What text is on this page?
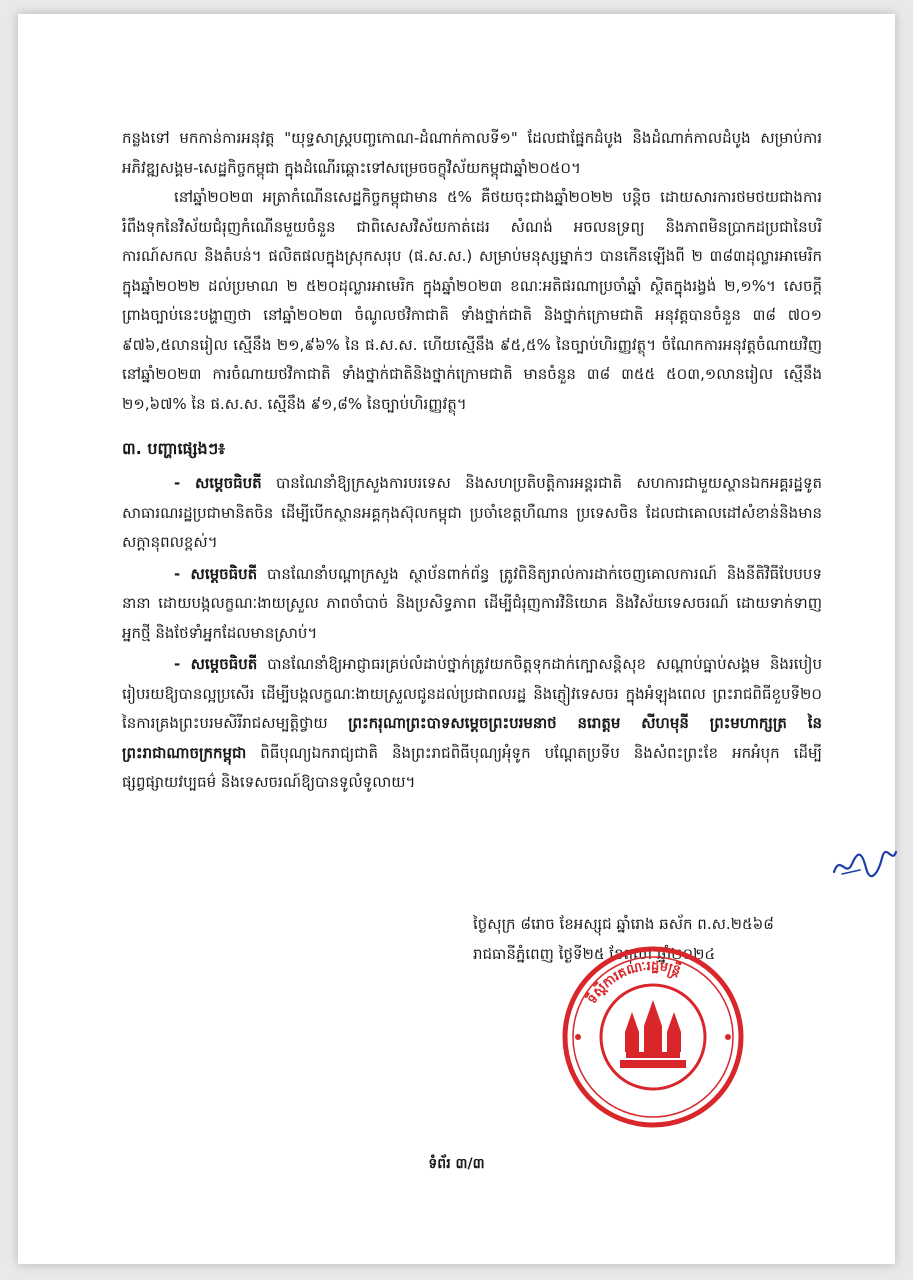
កន្លងទៅ មកកាន់ការអនុវត្ត "យុទ្ធសាស្ត្របញ្ចកោណ-ដំណាក់កាលទី១" ដែលជាផ្នែកដំបូង និងដំណាក់កាលដំបូង សម្រាប់ការអភិវឌ្ឍសង្គម-សេដ្ឋកិច្ចកម្ពុជា ក្នុងដំណើរឆ្ពោះទៅសម្រេចចក្ខុវិស័យកម្ពុជាឆ្នាំ២០៥០។

នៅឆ្នាំ២០២៣ អត្រាកំណើនសេដ្ឋកិច្ចកម្ពុជាមាន ៥% គឺថយចុះជាងឆ្នាំ២០២២ បន្តិច ដោយសារការថមថយជាងការរំពឹងទុកនៃវិស័យជំរុញកំណើនមួយចំនួន ជាពិសេសវិស័យកាត់ដេរ សំណង់ អចលនទ្រព្យ និងភាពមិនប្រាកដប្រជានៃបរិការណ៍សកល និងតំបន់។ ផលិតផលក្នុងស្រុកសរុប (ផ.ស.ស.) សម្រាប់មនុស្សម្នាក់ៗ បានកើនឡើងពី ២ ៣៨៣ដុល្លារអាមេរិក ក្នុងឆ្នាំ២០២២ ដល់ប្រមាណ ២ ៥២០ដុល្លារអាមេរិក ក្នុងឆ្នាំ២០២៣ ខណៈអតិផរណាប្រចាំឆ្នាំ ស្ថិតក្នុងរង្វង់ ២,១%។ សេចក្តីព្រាងច្បាប់នេះបង្ហាញថា នៅឆ្នាំ២០២៣ ចំណូលថវិកាជាតិ ទាំងថ្នាក់ជាតិ និងថ្នាក់ក្រោមជាតិ អនុវត្តបានចំនួន ៣៨ ៧០១ ៩៧៦,៥លានរៀល ស្មើនឹង ២១,៩៦% នៃ ផ.ស.ស. ហើយស្មើនឹង ៩៥,៥% នៃច្បាប់ហិរញ្ញវត្ថុ។ ចំណែកការអនុវត្តចំណាយវិញ នៅឆ្នាំ២០២៣ ការចំណាយថវិកាជាតិ ទាំងថ្នាក់ជាតិនិងថ្នាក់ក្រោមជាតិ មានចំនួន ៣៨ ៣៥៥ ៥០៣,១លានរៀល ស្មើនឹង ២១,៦៧% នៃ ផ.ស.ស. ស្មើនឹង ៩១,៨% នៃច្បាប់ហិរញ្ញវត្ថុ។

៣. បញ្ហាផ្សេងៗ៖

- សម្តេចធិបតី បានណែនាំឱ្យក្រសួងការបរទេស និងសហប្រតិបត្តិការអន្តរជាតិ សហការជាមួយស្ថានឯកអគ្គរដ្ឋទូតសាធារណរដ្ឋប្រជាមានិតចិន ដើម្បីបើកស្ថានអគ្គកុងស៊ុលកម្ពុជា ប្រចាំខេត្តហឺណាន ប្រទេសចិន ដែលជាគោលដៅសំខាន់និងមានសក្តានុពលខ្ពស់។

- សម្តេចធិបតី បានណែនាំបណ្តាក្រសួង ស្ថាប័នពាក់ព័ន្ធ ត្រូវពិនិត្យរាល់ការដាក់ចេញគោលការណ៍ និងនីតិវិធីបែបបទនានា ដោយបង្កលក្ខណៈងាយស្រួល ភាពចាំបាច់ និងប្រសិទ្ធភាព ដើម្បីជំរុញការវិនិយោគ និងវិស័យទេសចរណ៍ ដោយទាក់ទាញអ្នកថ្មី និងថែទាំអ្នកដែលមានស្រាប់។

- សម្តេចធិបតី បានណែនាំឱ្យអាជ្ញាធរគ្រប់លំដាប់ថ្នាក់ត្រូវយកចិត្តទុកដាក់ក្បោសន្តិសុខ សណ្តាប់ធ្នាប់សង្គម និងរបៀបរៀបរយឱ្យបានល្អប្រសើរ ដើម្បីបង្កលក្ខណៈងាយស្រួលជូនដល់ប្រជាពលរដ្ឋ និងភ្ញៀវទេសចរ ក្នុងអំឡុងពេល ព្រះរាជពិធីខួបទី២០ នៃការគ្រងព្រះបរមសិរីរាជសម្បត្តិថ្វាយ ព្រះករុណាព្រះបាទសម្តេចព្រះបរមនាថ នរោត្តម សីហមុនី ព្រះមហាក្សត្រ នៃព្រះរាជាណាចក្រកម្ពុជា ពិធីបុណ្យឯករាជ្យជាតិ និងព្រះរាជពិធីបុណ្យអុំទូក បណ្តែតប្រទីប និងសំពះព្រះខែ អកអំបុក ដើម្បីផ្សព្វផ្សាយវប្បធម៌ និងទេសចរណ៍ឱ្យបានទូលំទូលាយ។

ថ្ងៃសុក្រ ៨រោច ខែអស្សុជ ឆ្នាំរោង ឆស័ក ព.ស.២៥៦៨

រាជធានីភ្នំពេញ ថ្ងៃទី២៥ ខែតុលា ឆ្នាំ២០២៤

ទីស្តីការគណៈរដ្ឋមន្ត្រី
ទំព័រ ៣/៣
